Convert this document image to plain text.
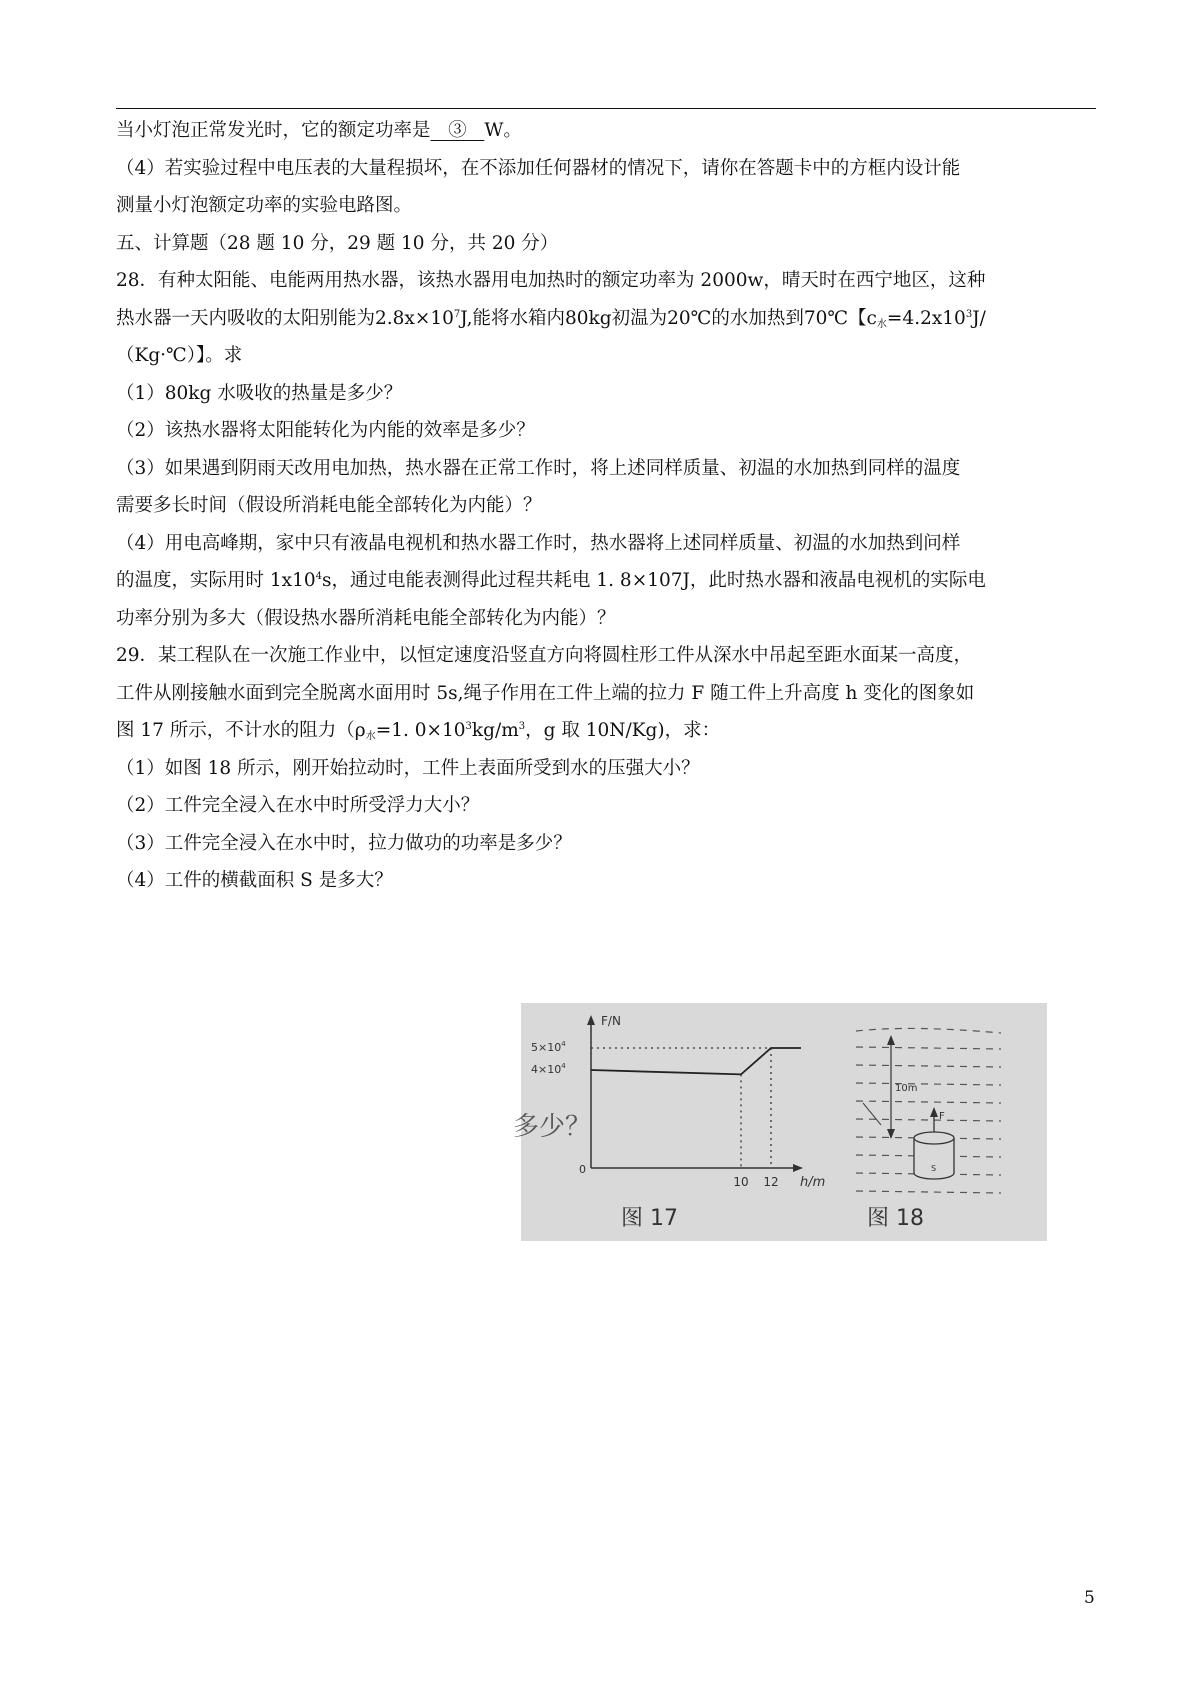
当小灯泡正常发光时，它的额定功率是   ③   W。
（4）若实验过程中电压表的大量程损坏，在不添加任何器材的情况下，请你在答题卡中的方框内设计能
测量小灯泡额定功率的实验电路图。
五、计算题（28 题 10 分，29 题 10 分，共 20 分）
28．有种太阳能、电能两用热水器，该热水器用电加热时的额定功率为 2000w，晴天时在西宁地区，这种
热水器一天内吸收的太阳别能为$2.8x\times 10^7J$,能将水箱内80kg初温为20℃的水加热到70℃【$c_水=4.2x10^3J/$
（Kg·℃）】。求
（1）80kg 水吸收的热量是多少？
（2）该热水器将太阳能转化为内能的效率是多少？
（3）如果遇到阴雨天改用电加热，热水器在正常工作时，将上述同样质量、初温的水加热到同样的温度
需要多长时间（假设所消耗电能全部转化为内能）？
（4）用电高峰期，家中只有液晶电视机和热水器工作时，热水器将上述同样质量、初温的水加热到问样
的温度，实际用时 $1x10^4s$，通过电能表测得此过程共耗电 1. 8×107J，此时热水器和液晶电视机的实际电
功率分别为多大（假设热水器所消耗电能全部转化为内能）？
29．某工程队在一次施工作业中，以恒定速度沿竖直方向将圆柱形工件从深水中吊起至距水面某一高度，
工件从刚接触水面到完全脱离水面用时 5s,绳子作用在工件上端的拉力 F 随工件上升高度 h 变化的图象如
图 17 所示，不计水的阻力（$\rho_水=1$. $0\times 10^3kg/m^3$，g 取 10N/Kg)，求：
（1）如图 18 所示，刚开始拉动时，工件上表面所受到水的压强大小？
（2）工件完全浸入在水中时所受浮力大小？
（3）工件完全浸入在水中时，拉力做功的功率是多少？
（4）工件的横截面积 S 是多大？
F/N
$5\times 10^4$
$4\times 10^4$
0
10 12 h/m
图 17
多少？
10m
F
S
图 18
5
